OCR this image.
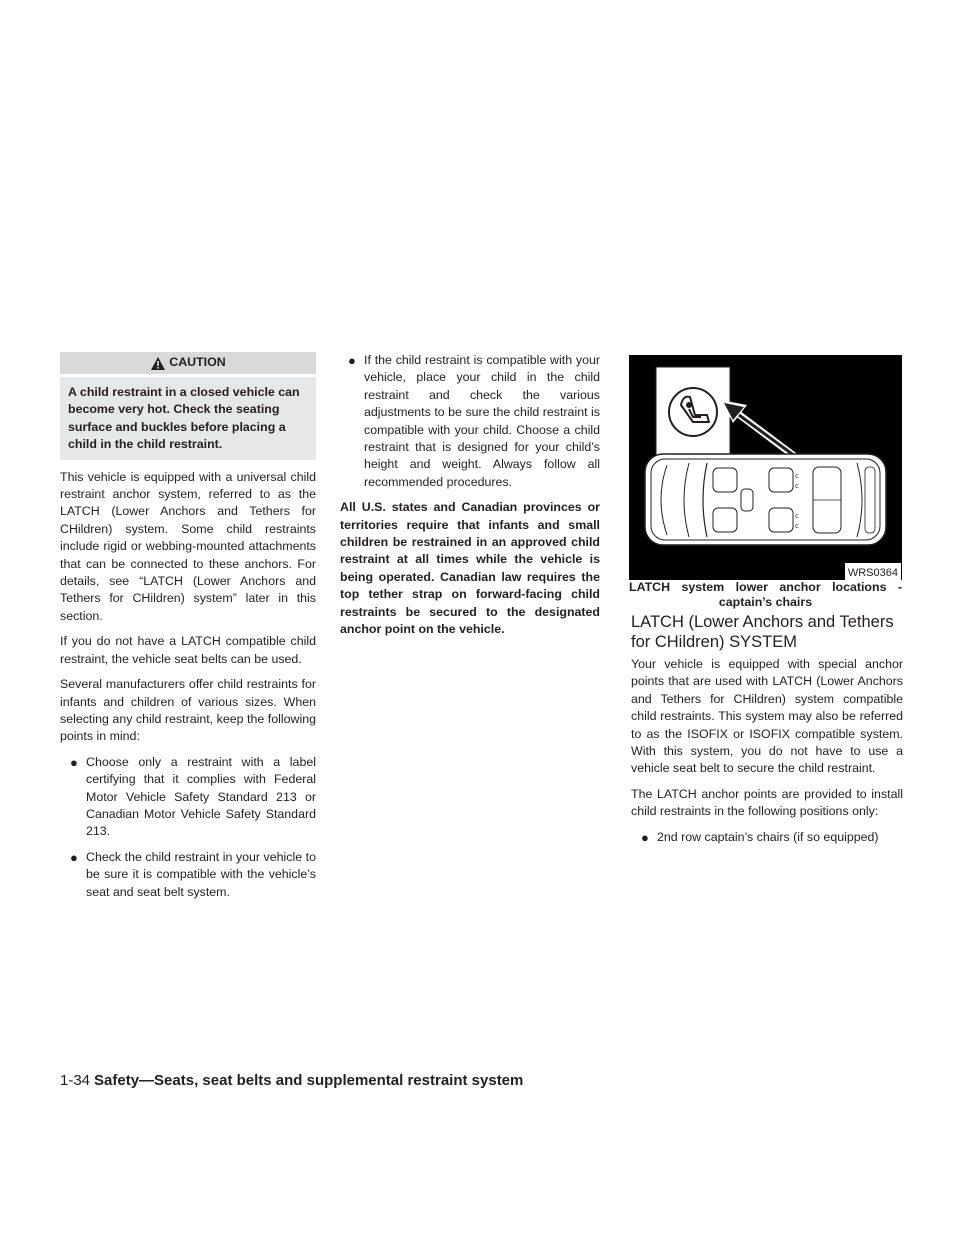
CAUTION
A child restraint in a closed vehicle can become very hot. Check the seating surface and buckles before placing a child in the child restraint.

This vehicle is equipped with a universal child restraint anchor system, referred to as the LATCH (Lower Anchors and Tethers for CHildren) system. Some child restraints include rigid or webbing-mounted attachments that can be connected to these anchors. For details, see “LATCH (Lower Anchors and Tethers for CHildren) system” later in this section.

If you do not have a LATCH compatible child restraint, the vehicle seat belts can be used.

Several manufacturers offer child restraints for infants and children of various sizes. When selecting any child restraint, keep the following points in mind:

● Choose only a restraint with a label certifying that it complies with Federal Motor Vehicle Safety Standard 213 or Canadian Motor Vehicle Safety Standard 213.
● Check the child restraint in your vehicle to be sure it is compatible with the vehicle’s seat and seat belt system.
● If the child restraint is compatible with your vehicle, place your child in the child restraint and check the various adjustments to be sure the child restraint is compatible with your child. Choose a child restraint that is designed for your child’s height and weight. Always follow all recommended procedures.

All U.S. states and Canadian provinces or territories require that infants and small children be restrained in an approved child restraint at all times while the vehicle is being operated. Canadian law requires the top tether strap on forward-facing child restraints be secured to the designated anchor point on the vehicle.

c
c
c
c
WRS0364
LATCH system lower anchor locations -
captain’s chairs
LATCH (Lower Anchors and Tethers for CHildren) SYSTEM

Your vehicle is equipped with special anchor points that are used with LATCH (Lower Anchors and Tethers for CHildren) system compatible child restraints. This system may also be referred to as the ISOFIX or ISOFIX compatible system. With this system, you do not have to use a vehicle seat belt to secure the child restraint.

The LATCH anchor points are provided to install child restraints in the following positions only:

● 2nd row captain’s chairs (if so equipped)
1-34 Safety—Seats, seat belts and supplemental restraint system
